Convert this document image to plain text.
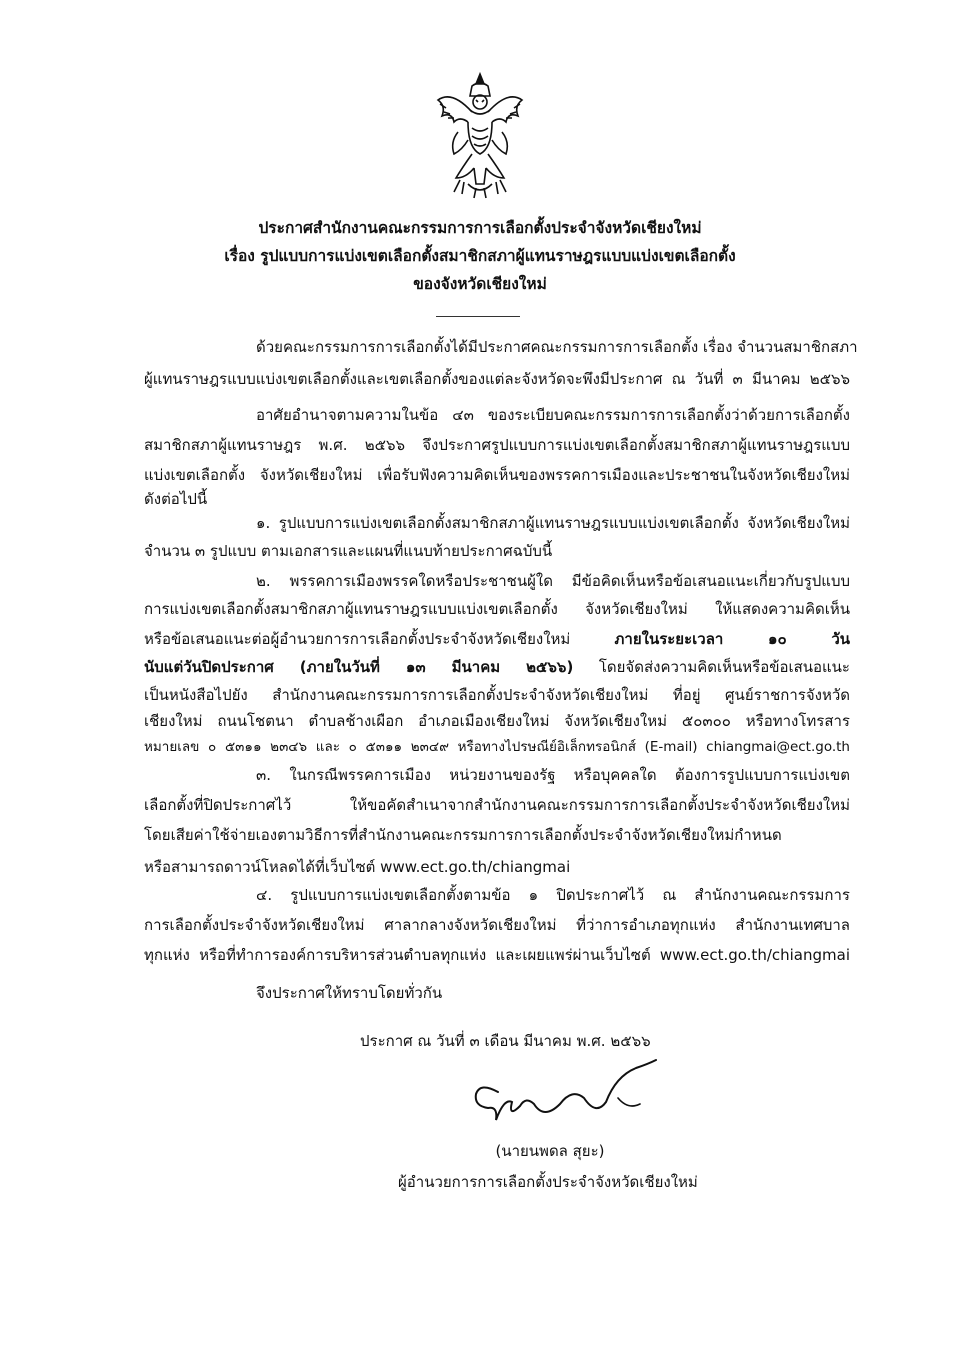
ประกาศสำนักงานคณะกรรมการการเลือกตั้งประจำจังหวัดเชียงใหม่
เรื่อง รูปแบบการแบ่งเขตเลือกตั้งสมาชิกสภาผู้แทนราษฎรแบบแบ่งเขตเลือกตั้ง
ของจังหวัดเชียงใหม่
ด้วยคณะกรรมการการเลือกตั้งได้มีประกาศคณะกรรมการการเลือกตั้ง เรื่อง จำนวนสมาชิกสภา
ผู้แทนราษฎรแบบแบ่งเขตเลือกตั้งและเขตเลือกตั้งของแต่ละจังหวัดจะพึงมีประกาศ ณ วันที่ ๓ มีนาคม ๒๕๖๖
อาศัยอำนาจตามความในข้อ ๔๓ ของระเบียบคณะกรรมการการเลือกตั้งว่าด้วยการเลือกตั้ง
สมาชิกสภาผู้แทนราษฎร พ.ศ. ๒๕๖๖ จึงประกาศรูปแบบการแบ่งเขตเลือกตั้งสมาชิกสภาผู้แทนราษฎรแบบ
แบ่งเขตเลือกตั้ง จังหวัดเชียงใหม่ เพื่อรับฟังความคิดเห็นของพรรคการเมืองและประชาชนในจังหวัดเชียงใหม่
ดังต่อไปนี้
๑. รูปแบบการแบ่งเขตเลือกตั้งสมาชิกสภาผู้แทนราษฎรแบบแบ่งเขตเลือกตั้ง จังหวัดเชียงใหม่
จำนวน ๓ รูปแบบ ตามเอกสารและแผนที่แนบท้ายประกาศฉบับนี้
๒. พรรคการเมืองพรรคใดหรือประชาชนผู้ใด มีข้อคิดเห็นหรือข้อเสนอแนะเกี่ยวกับรูปแบบ
การแบ่งเขตเลือกตั้งสมาชิกสภาผู้แทนราษฎรแบบแบ่งเขตเลือกตั้ง จังหวัดเชียงใหม่ ให้แสดงความคิดเห็น
หรือข้อเสนอแนะต่อผู้อำนวยการการเลือกตั้งประจำจังหวัดเชียงใหม่ ภายในระยะเวลา ๑๐ วัน
นับแต่วันปิดประกาศ (ภายในวันที่ ๑๓ มีนาคม ๒๕๖๖) โดยจัดส่งความคิดเห็นหรือข้อเสนอแนะ
เป็นหนังสือไปยัง สำนักงานคณะกรรมการการเลือกตั้งประจำจังหวัดเชียงใหม่ ที่อยู่ ศูนย์ราชการจังหวัด
เชียงใหม่ ถนนโชตนา ตำบลช้างเผือก อำเภอเมืองเชียงใหม่ จังหวัดเชียงใหม่ ๕๐๓๐๐ หรือทางโทรสาร
หมายเลข ๐ ๕๓๑๑ ๒๓๔๖ และ ๐ ๕๓๑๑ ๒๓๔๙ หรือทางไปรษณีย์อิเล็กทรอนิกส์ (E-mail) chiangmai@ect.go.th
๓. ในกรณีพรรคการเมือง หน่วยงานของรัฐ หรือบุคคลใด ต้องการรูปแบบการแบ่งเขต
เลือกตั้งที่ปิดประกาศไว้ ให้ขอคัดสำเนาจากสำนักงานคณะกรรมการการเลือกตั้งประจำจังหวัดเชียงใหม่
โดยเสียค่าใช้จ่ายเองตามวิธีการที่สำนักงานคณะกรรมการการเลือกตั้งประจำจังหวัดเชียงใหม่กำหนด
หรือสามารถดาวน์โหลดได้ที่เว็บไซต์ www.ect.go.th/chiangmai
๔. รูปแบบการแบ่งเขตเลือกตั้งตามข้อ ๑ ปิดประกาศไว้ ณ สำนักงานคณะกรรมการ
การเลือกตั้งประจำจังหวัดเชียงใหม่ ศาลากลางจังหวัดเชียงใหม่ ที่ว่าการอำเภอทุกแห่ง สำนักงานเทศบาล
ทุกแห่ง หรือที่ทำการองค์การบริหารส่วนตำบลทุกแห่ง และเผยแพร่ผ่านเว็บไซต์ www.ect.go.th/chiangmai
จึงประกาศให้ทราบโดยทั่วกัน
ประกาศ ณ วันที่ ๓ เดือน มีนาคม พ.ศ. ๒๕๖๖
(นายนพดล สุยะ)
ผู้อำนวยการการเลือกตั้งประจำจังหวัดเชียงใหม่
